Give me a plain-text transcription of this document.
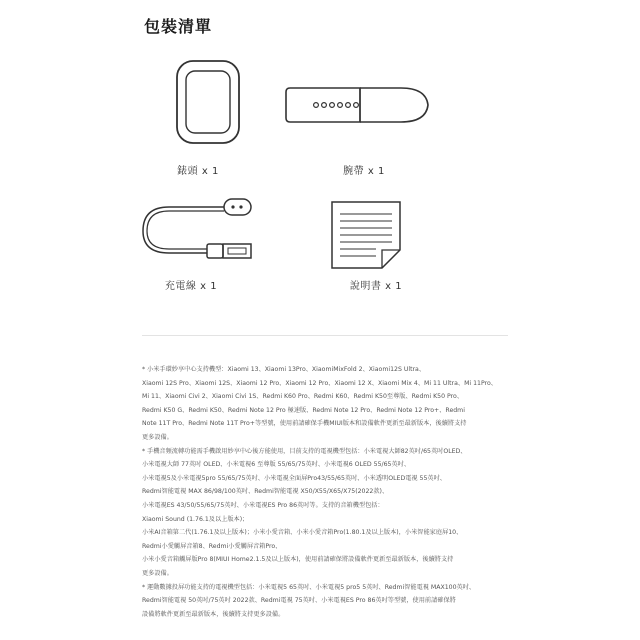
包裝清單
錶頭 x 1	腕帶 x 1
充電線 x 1	說明書 x 1

* 小米手環妙享中心支持機型：Xiaomi 13、Xiaomi 13Pro、XiaomiMixFold 2、Xiaomi12S Ultra、

Xiaomi 12S Pro、Xiaomi 12S、Xiaomi 12 Pro、Xiaomi 12 Pro、Xiaomi 12 X、Xiaomi Mix 4、Mi 11 Ultra、Mi 11Pro、

Mi 11、Xiaomi Civi 2、Xiaomi Civi 1S、Redmi K60 Pro、Redmi K60、Redmi K50至尊版、Redmi K50 Pro、

Redmi K50 G、Redmi K50、Redmi Note 12 Pro 極速版、Redmi Note 12 Pro、Redmi Note 12 Pro+、Redmi

Note 11T Pro、Redmi Note 11T Pro+等型號，使用前請確保手機MIUI版本和設備軟件更新至最新版本，後續將支持

更多設備。

* 手機音頻流轉功能需手機啟用妙享中心後方能使用，目前支持的電視機型包括：小米電視大師82英吋/65英吋OLED、

小米電視大師 77英吋 OLED、小米電視6 至尊版 55/65/75英吋、小米電視6 OLED 55/65英吋、

小米電視5及小米電視5pro 55/65/75英吋、小米電視全面屏Pro43/55/65英吋、小米透明OLED電視 55英吋、

Redmi智能電視 MAX 86/98/100英吋、Redmi智能電視 X50/X55/X65/X75(2022款)、

小米電視ES 43/50/55/65/75英吋、小米電視ES Pro 86英吋等。支持的音箱機型包括：

Xiaomi Sound (1.76.1及以上版本)；

小米AI音箱第二代(1.76.1及以上版本)；小米小愛音箱、小米小愛音箱Pro(1.80.1及以上版本)，小米智能家庭屏10、

Redmi小愛觸屏音箱8、Redmi小愛觸屏音箱Pro、

小米小愛音箱觸屏版Pro 8(MIUI Home2.1.5及以上版本)，使用前請確保將設備軟件更新至最新版本，後續將支持

更多設備。

* 運動數據投屏功能支持的電視機型包括：小米電視5 65英吋、小米電視5 pro5 5英吋、Redmi智能電視 MAX100英吋、

Redmi智能電視 50英吋/75英吋 2022款、Redmi電視 75英吋、小米電視ES Pro 86英吋等型號，使用前請確保將

設備將軟件更新至最新版本，後續將支持更多設備。
